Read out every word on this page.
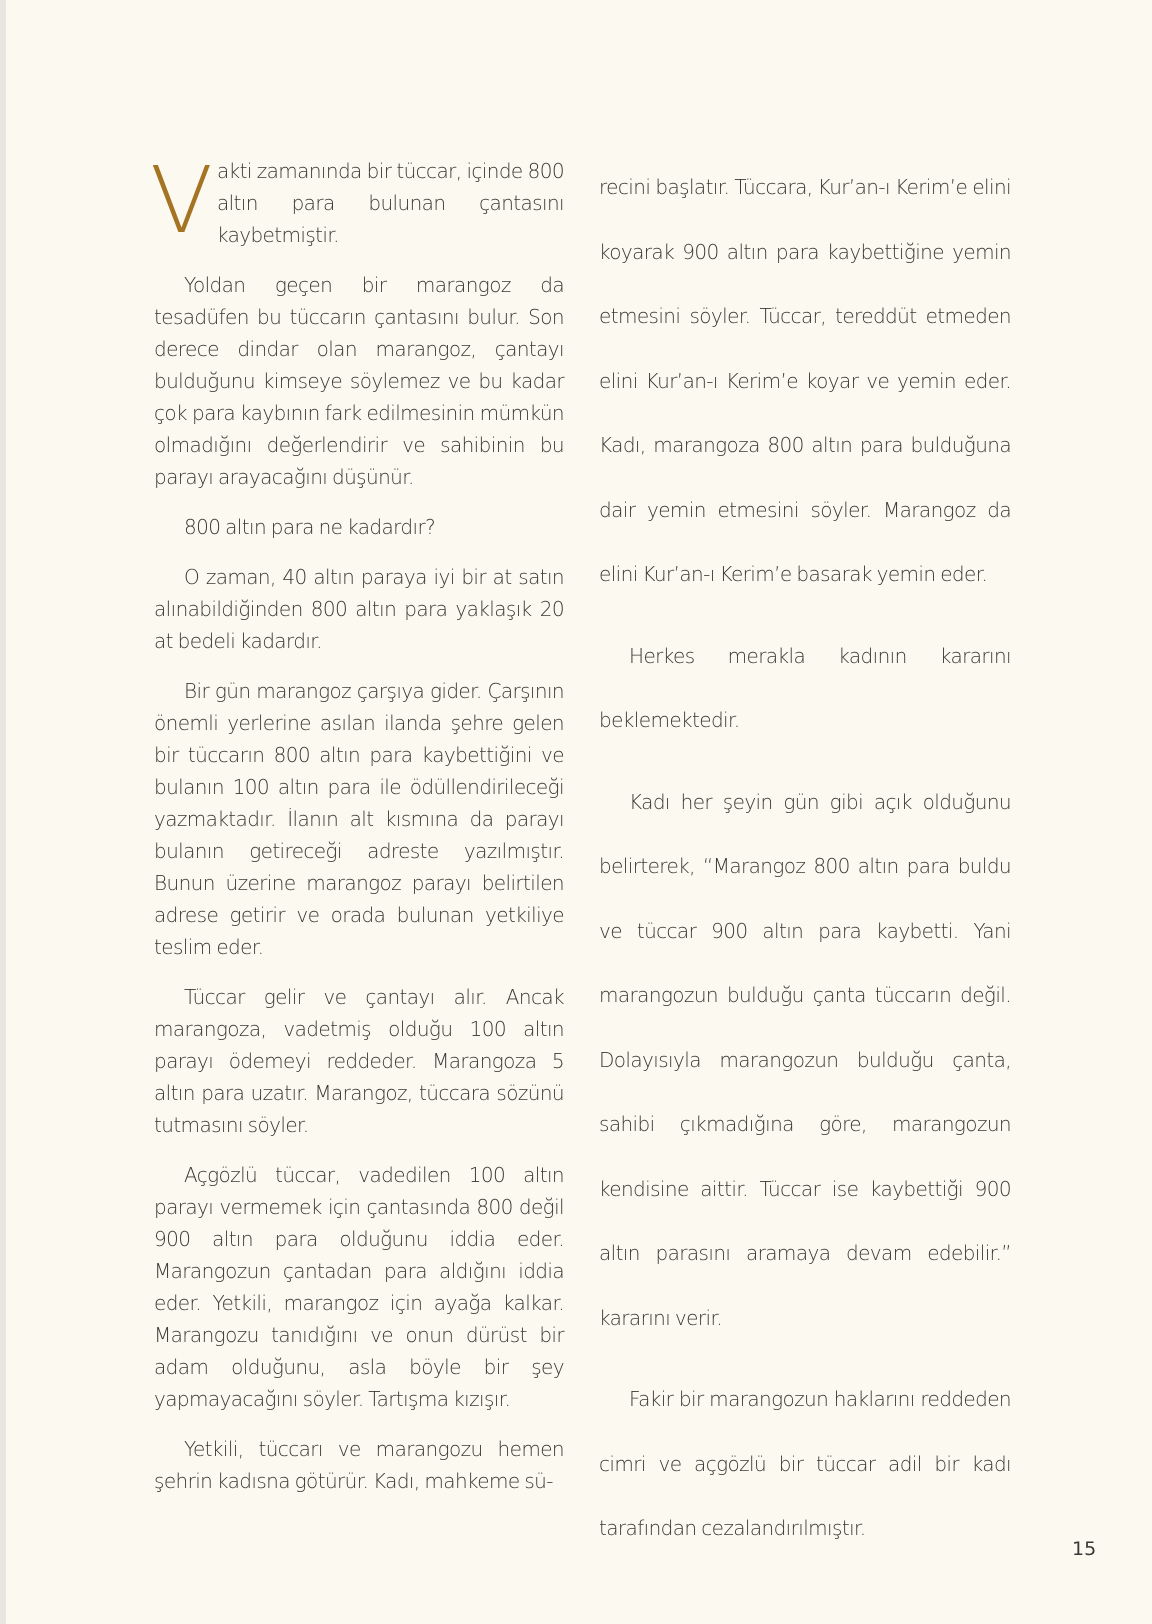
Vakti zamanında bir tüccar, içinde 800 altın para bulunan çantasını kaybetmiştir.

Yoldan geçen bir marangoz da tesadüfen bu tüccarın çantasını bulur. Son derece dindar olan marangoz, çantayı bulduğunu kimseye söylemez ve bu kadar çok para kaybının fark edilmesinin mümkün olmadığını değerlendirir ve sahibinin bu parayı arayacağını düşünür.

800 altın para ne kadardır?

O zaman, 40 altın paraya iyi bir at satın alınabildiğinden 800 altın para yaklaşık 20 at bedeli kadardır.

Bir gün marangoz çarşıya gider. Çarşının önemli yerlerine asılan ilanda şehre gelen bir tüccarın 800 altın para kaybettiğini ve bulanın 100 altın para ile ödüllendirileceği yazmaktadır. İlanın alt kısmına da parayı bulanın getireceği adreste yazılmıştır. Bunun üzerine marangoz parayı belirtilen adrese getirir ve orada bulunan yetkiliye teslim eder.

Tüccar gelir ve çantayı alır. Ancak marangoza, vadetmiş olduğu 100 altın parayı ödemeyi reddeder. Marangoza 5 altın para uzatır. Marangoz, tüccara sözünü tutmasını söyler.

Açgözlü tüccar, vadedilen 100 altın parayı vermemek için çantasında 800 değil 900 altın para olduğunu iddia eder. Marangozun çantadan para aldığını iddia eder. Yetkili, marangoz için ayağa kalkar. Marangozu tanıdığını ve onun dürüst bir adam olduğunu, asla böyle bir şey yapmayacağını söyler. Tartışma kızışır.

Yetkili, tüccarı ve marangozu hemen şehrin kadısna götürür. Kadı, mahkeme sü-

recini başlatır. Tüccara, Kur’an-ı Kerim’e elini koyarak 900 altın para kaybettiğine yemin etmesini söyler. Tüccar, tereddüt etmeden elini Kur’an-ı Kerim’e koyar ve yemin eder. Kadı, marangoza 800 altın para bulduğuna dair yemin etmesini söyler. Marangoz da elini Kur’an-ı Kerim’e basarak yemin eder.

Herkes merakla kadının kararını beklemektedir.

Kadı her şeyin gün gibi açık olduğunu belirterek, “Marangoz 800 altın para buldu ve tüccar 900 altın para kaybetti. Yani marangozun bulduğu çanta tüccarın değil. Dolayısıyla marangozun bulduğu çanta, sahibi çıkmadığına göre, marangozun kendisine aittir. Tüccar ise kaybettiği 900 altın parasını aramaya devam edebilir.” kararını verir.

Fakir bir marangozun haklarını reddeden cimri ve açgözlü bir tüccar adil bir kadı tarafından cezalandırılmıştır.

15
